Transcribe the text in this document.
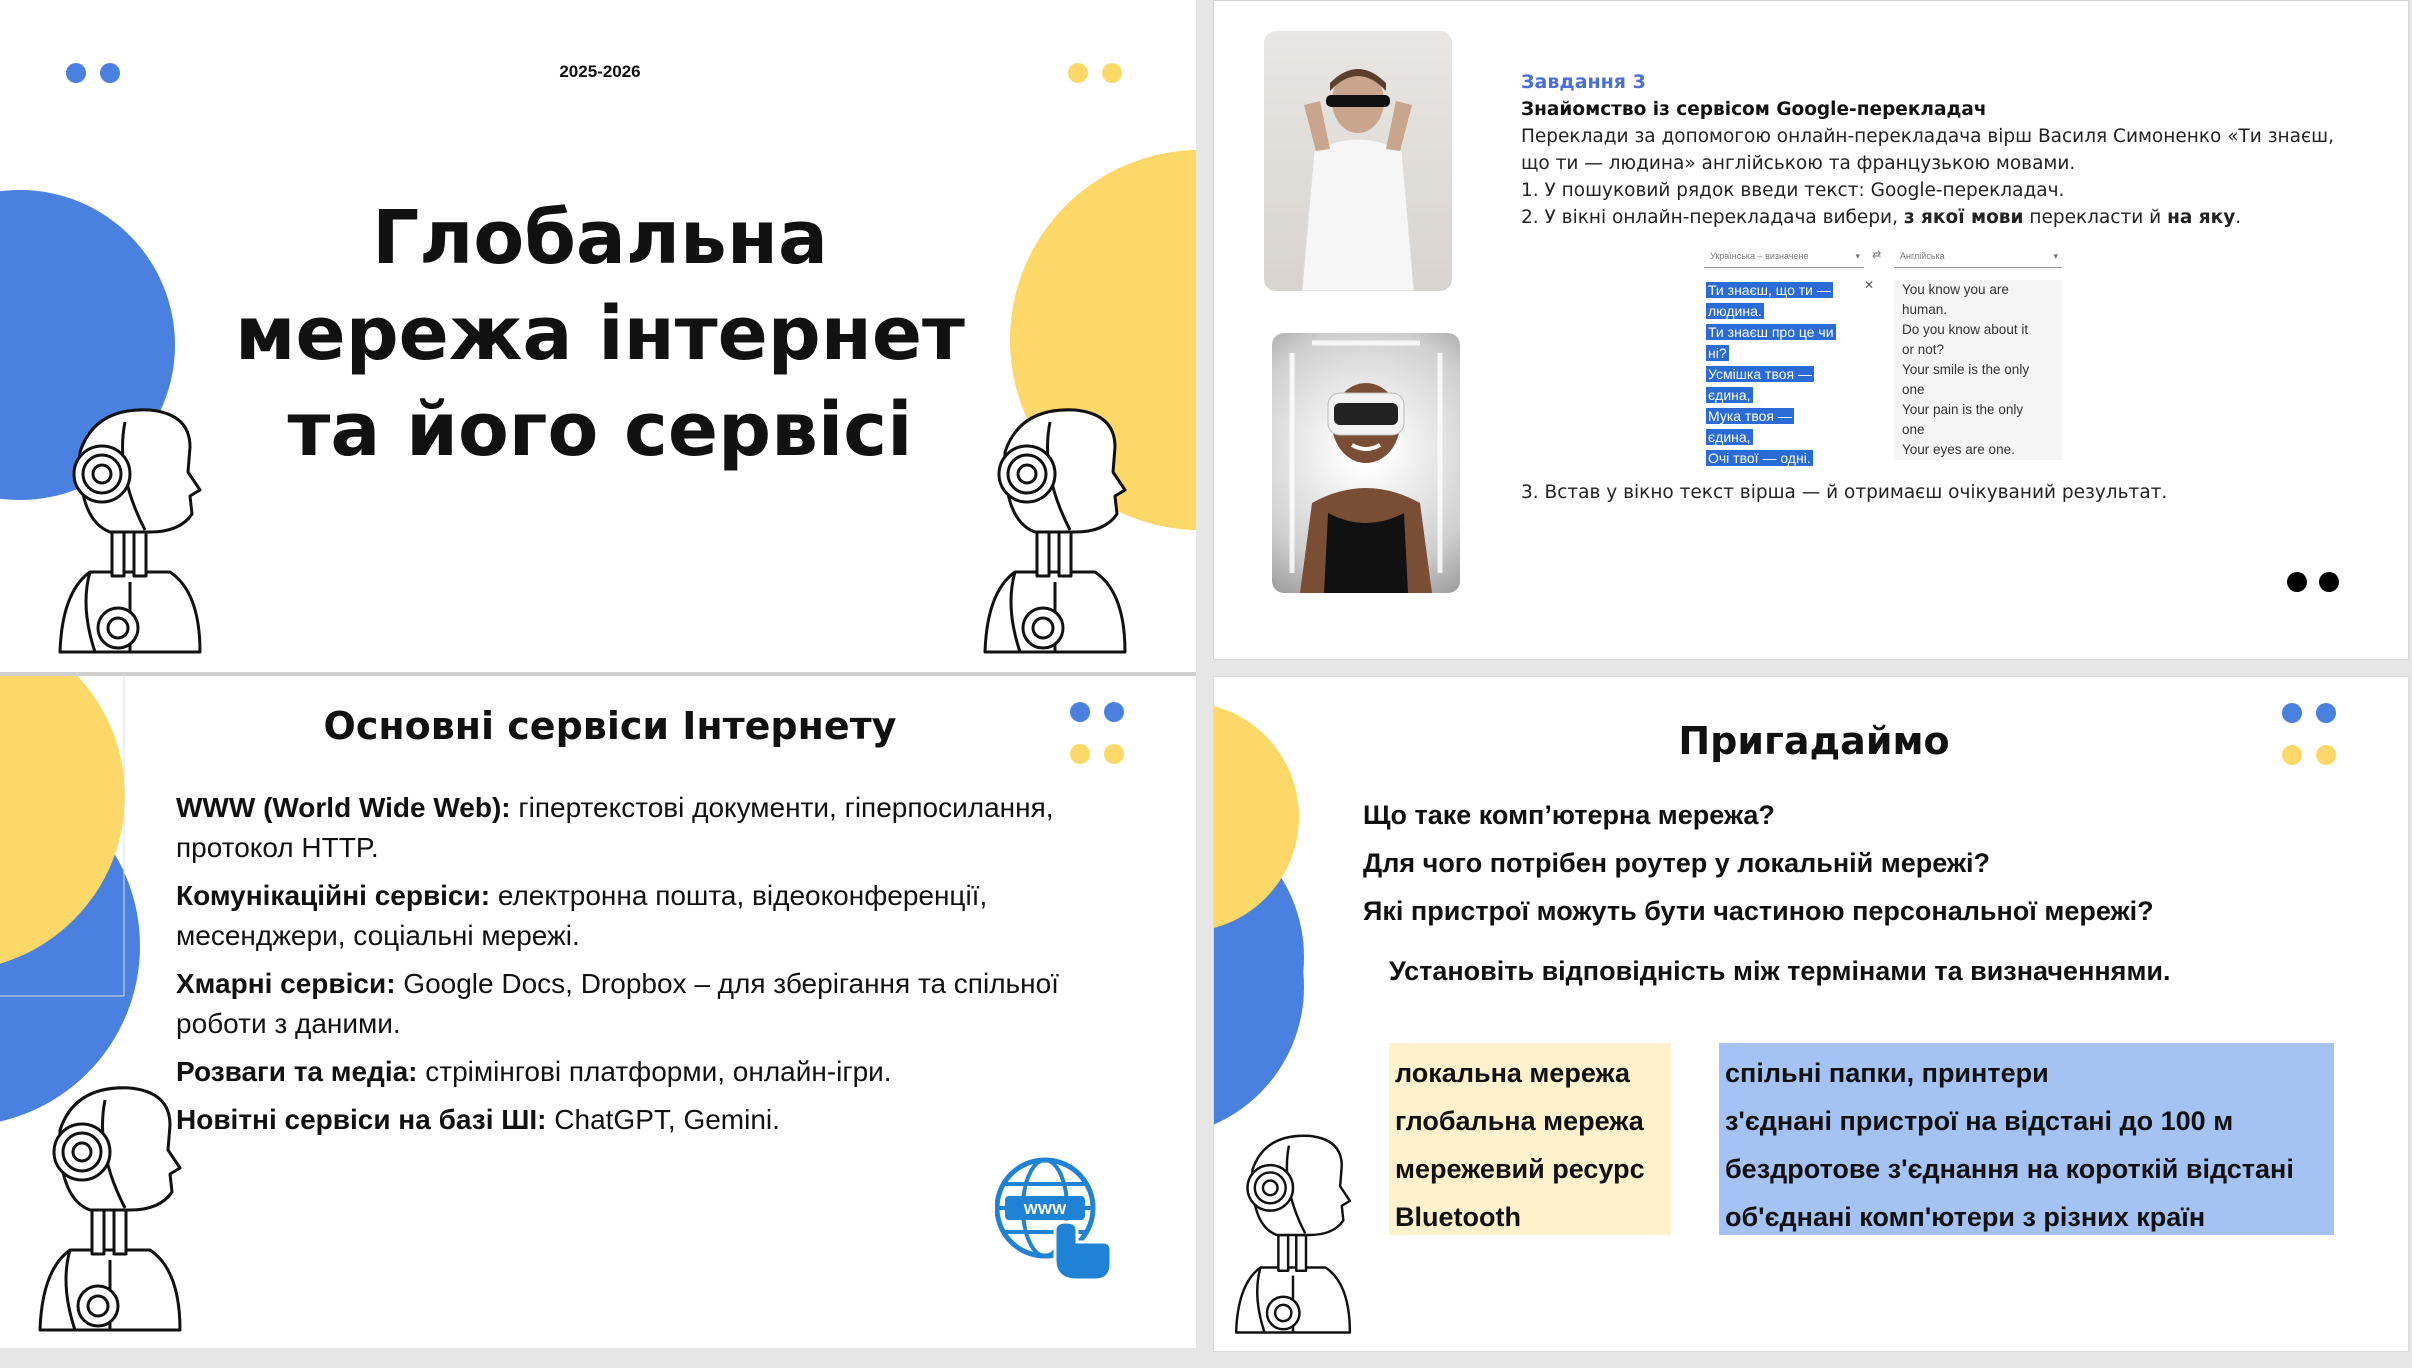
2025-2026
Глобальна
мережа інтернет
та його сервісі
Завдання 3
Знайомство із сервісом Google-перекладач
Переклади за допомогою онлайн-перекладача вірш Василя Симоненко «Ти знаєш, що ти — людина» англійською та французькою мовами.
1. У пошуковий рядок введи текст: Google-перекладач.
2. У вікні онлайн-перекладача вибери, з якої мови перекласти й на яку.
Українська – визначене	▾ ⇄	Англійська	▾
Ти знаєш, що ти —
людина.
Ти знаєш про це чи
ні?
Усмішка твоя —
єдина,
Мука твоя —
єдина,
Очі твої — одні.
✕ You know you are
human.
Do you know about it
or not?
Your smile is the only
one
Your pain is the only
one
Your eyes are one.
3. Встав у вікно текст вірша — й отримаєш очікуваний результат.
Основні сервіси Інтернету
WWW (World Wide Web): гіпертекстові документи, гіперпосилання, протокол HTTP.
Комунікаційні сервіси: електронна пошта, відеоконференції, месенджери, соціальні мережі.
Хмарні сервіси: Google Docs, Dropbox – для зберігання та спільної роботи з даними.
Розваги та медіа: стрімінгові платформи, онлайн-ігри.
Новітні сервіси на базі ШІ: ChatGPT, Gemini.
WWW
Пригадаймо
Що таке комп’ютерна мережа?
Для чого потрібен роутер у локальній мережі?
Які пристрої можуть бути частиною персональної мережі?
Установіть відповідність між термінами та визначеннями.
локальна мережа
глобальна мережа
мережевий ресурс
Bluetooth
спільні папки, принтери
з'єднані пристрої на відстані до 100 м
бездротове з'єднання на короткій відстані
об'єднані комп'ютери з різних країн
